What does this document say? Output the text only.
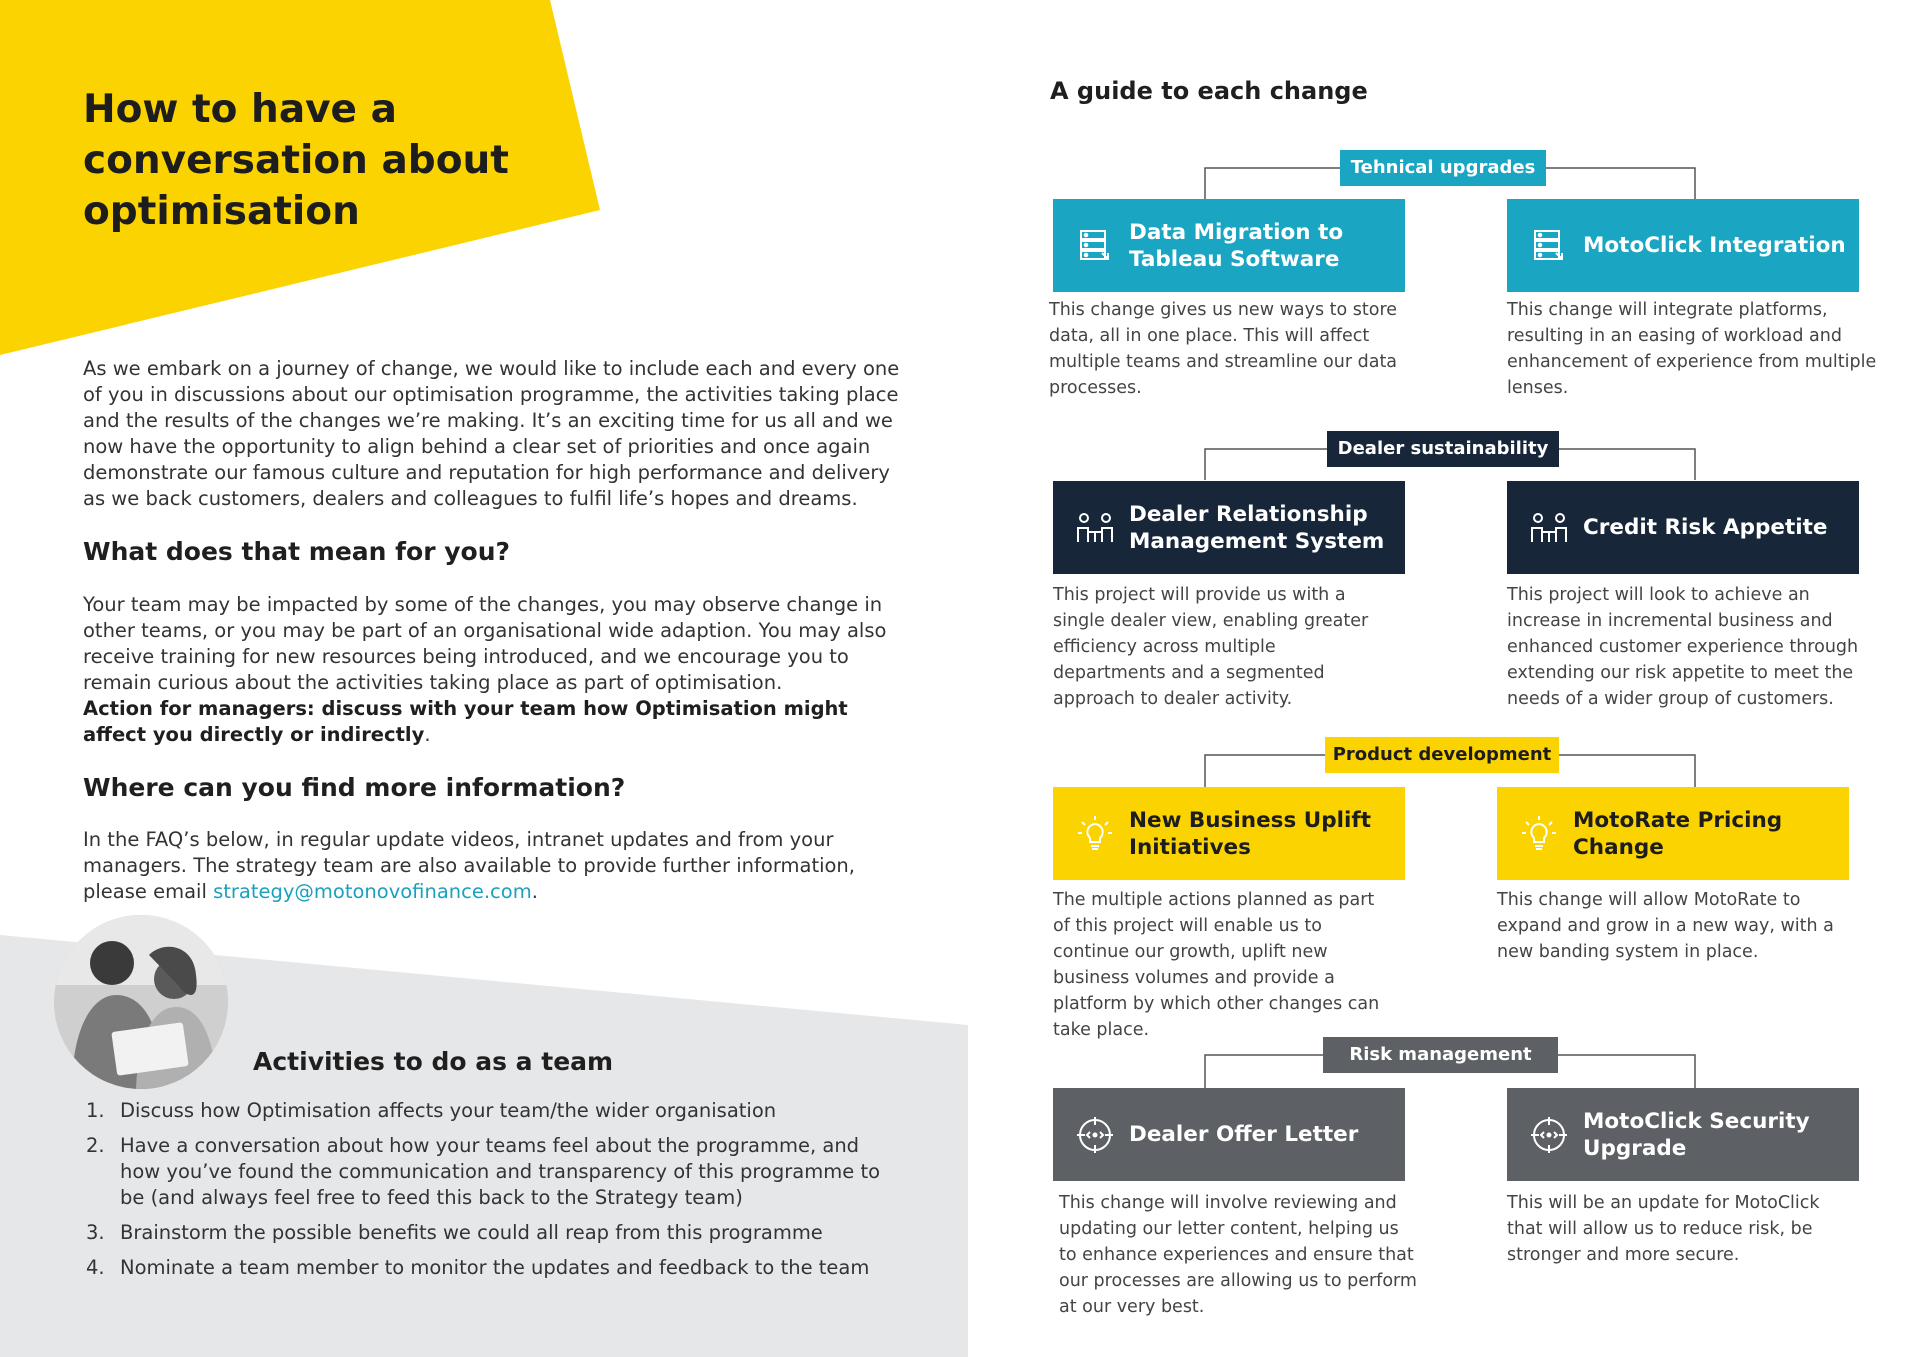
How to have a conversation about optimisation

As we embark on a journey of change, we would like to include each and every one of you in discussions about our optimisation programme, the activities taking place and the results of the changes we’re making. It’s an exciting time for us all and we now have the opportunity to align behind a clear set of priorities and once again demonstrate our famous culture and reputation for high performance and delivery as we back customers, dealers and colleagues to fulfil life’s hopes and dreams.

What does that mean for you?

Your team may be impacted by some of the changes, you may observe change in other teams, or you may be part of an organisational wide adaption. You may also receive training for new resources being introduced, and we encourage you to remain curious about the activities taking place as part of optimisation.
Action for managers: discuss with your team how Optimisation might affect you directly or indirectly.

Where can you find more information?

In the FAQ’s below, in regular update videos, intranet updates and from your managers. The strategy team are also available to provide further information, please email strategy@motonovofinance.com.

Activities to do as a team
1. Discuss how Optimisation affects your team/the wider organisation
2. Have a conversation about how your teams feel about the programme, and how you’ve found the communication and transparency of this programme to be (and always feel free to feed this back to the Strategy team)
3. Brainstorm the possible benefits we could all reap from this programme
4. Nominate a team member to monitor the updates and feedback to the team
A guide to each change
Tehnical upgrades
Dealer sustainability
Product development
Risk management
Data Migration to Tableau Software

This change gives us new ways to store data, all in one place. This will affect multiple teams and streamline our data processes.

MotoClick Integration

This change will integrate platforms, resulting in an easing of workload and enhancement of experience from multiple lenses.

Dealer Relationship Management System

This project will provide us with a single dealer view, enabling greater efficiency across multiple departments and a segmented approach to dealer activity.

Credit Risk Appetite

This project will look to achieve an increase in incremental business and enhanced customer experience through extending our risk appetite to meet the needs of a wider group of customers.

New Business Uplift Initiatives

The multiple actions planned as part of this project will enable us to continue our growth, uplift new business volumes and provide a platform by which other changes can take place.

MotoRate Pricing Change

This change will allow MotoRate to expand and grow in a new way, with a new banding system in place.

Dealer Offer Letter

This change will involve reviewing and updating our letter content, helping us to enhance experiences and ensure that our processes are allowing us to perform at our very best.

MotoClick Security Upgrade

This will be an update for MotoClick that will allow us to reduce risk, be stronger and more secure.
